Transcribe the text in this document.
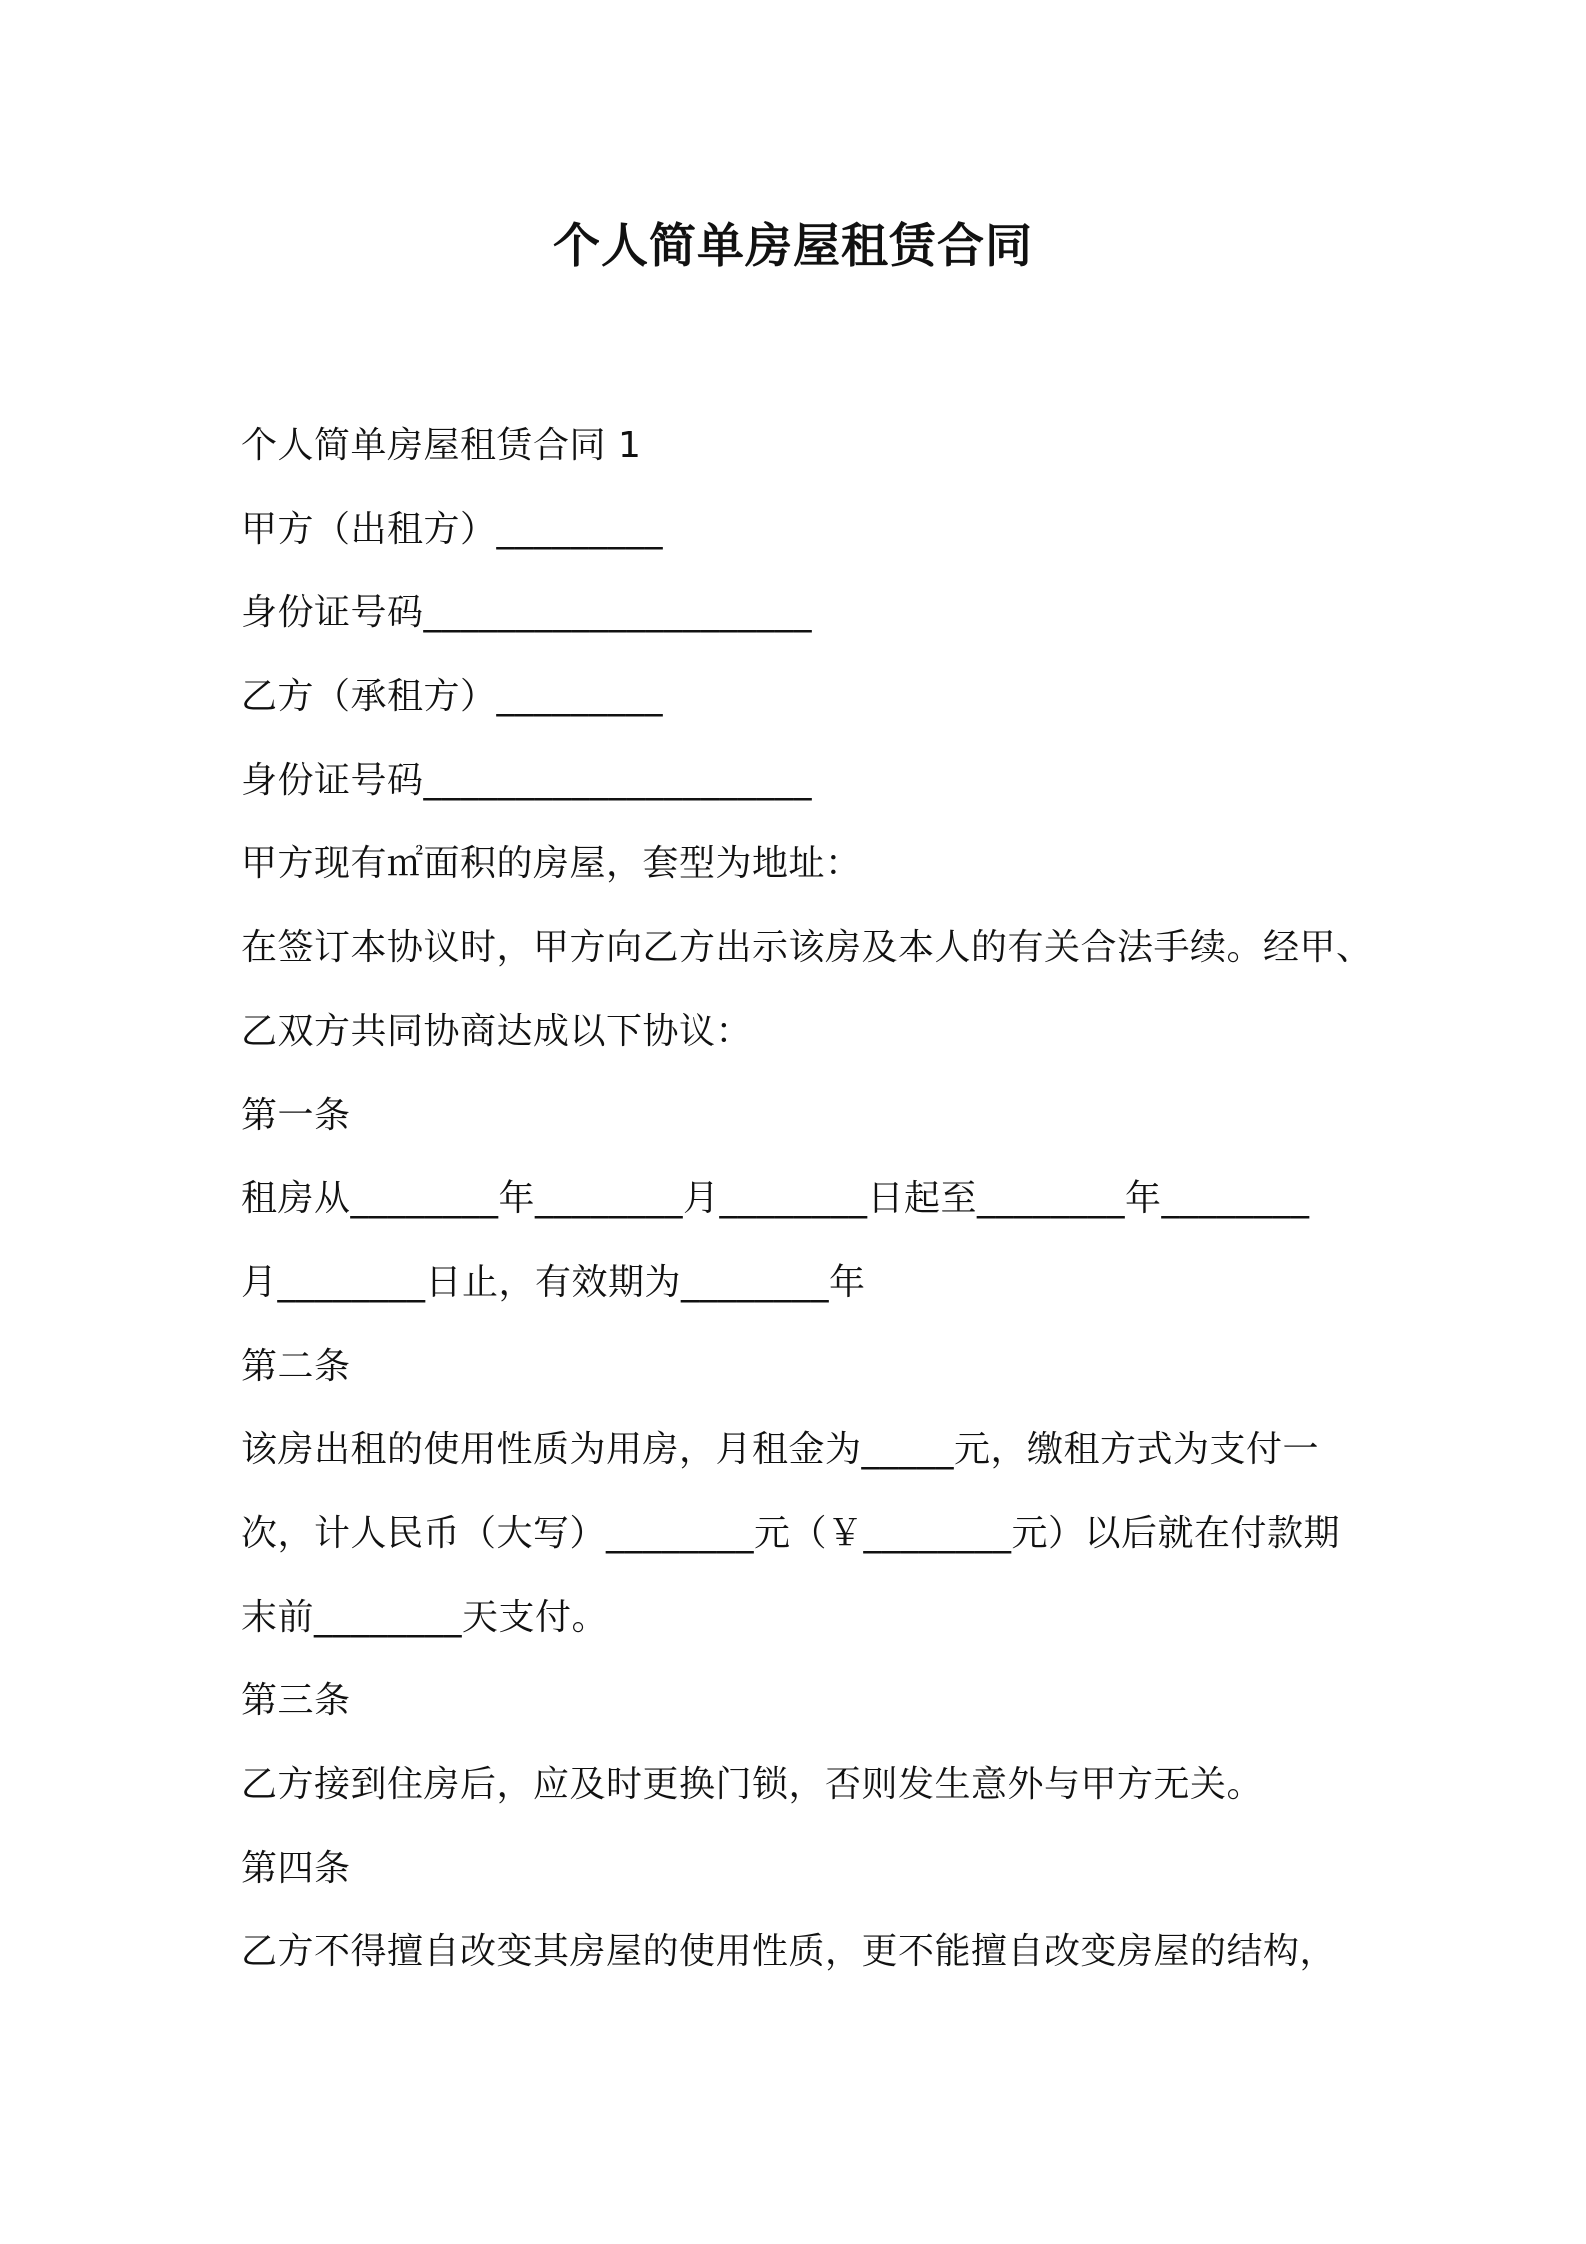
个人简单房屋租赁合同
个人简单房屋租赁合同 1
甲方（出租方）_________
身份证号码_____________________
乙方（承租方）_________
身份证号码_____________________
甲方现有㎡面积的房屋，套型为地址：
在签订本协议时，甲方向乙方出示该房及本人的有关合法手续。经甲、
乙双方共同协商达成以下协议：
第一条
租房从________年________月________日起至________年________
月________日止，有效期为________年
第二条
该房出租的使用性质为用房，月租金为_____元，缴租方式为支付一
次，计人民币（大写）________元（￥________元）以后就在付款期
末前________天支付。
第三条
乙方接到住房后，应及时更换门锁，否则发生意外与甲方无关。
第四条
乙方不得擅自改变其房屋的使用性质，更不能擅自改变房屋的结构，
